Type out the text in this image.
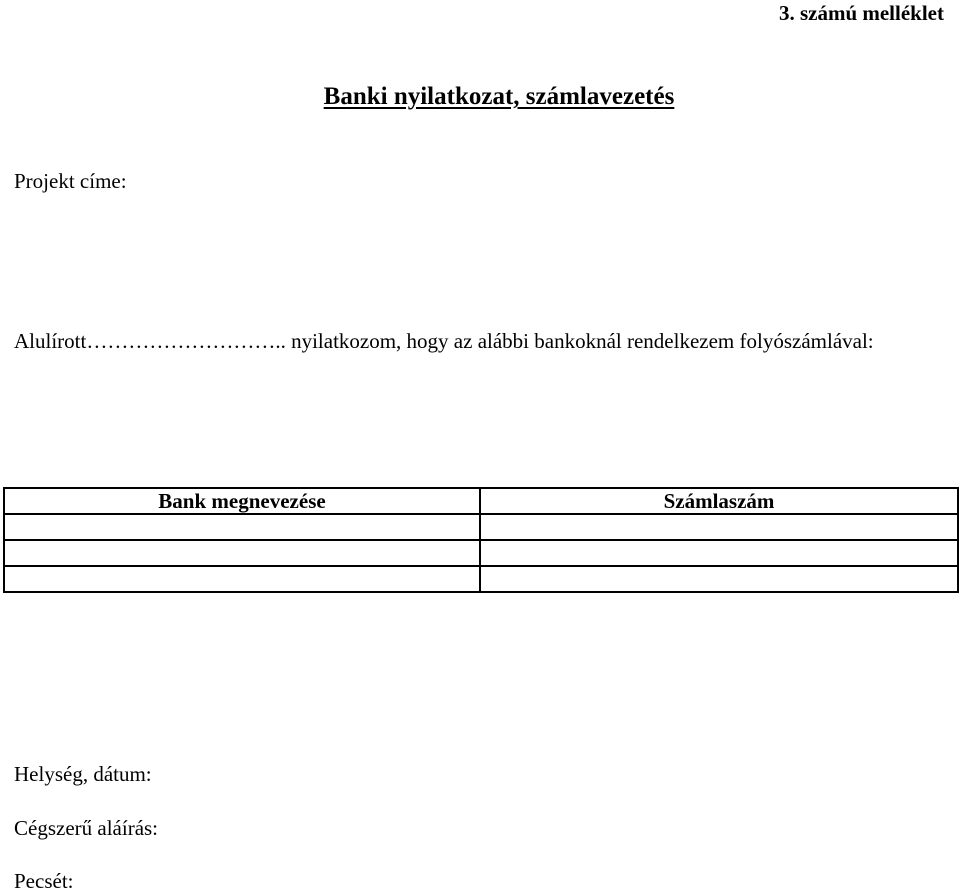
3. számú melléklet
Banki nyilatkozat, számlavezetés
Projekt címe:
Alulírott……………………….. nyilatkozom, hogy az alábbi bankoknál rendelkezem folyószámlával:
Bank megnevezése	Számlaszám

Helység, dátum:
Cégszerű aláírás:
Pecsét:
